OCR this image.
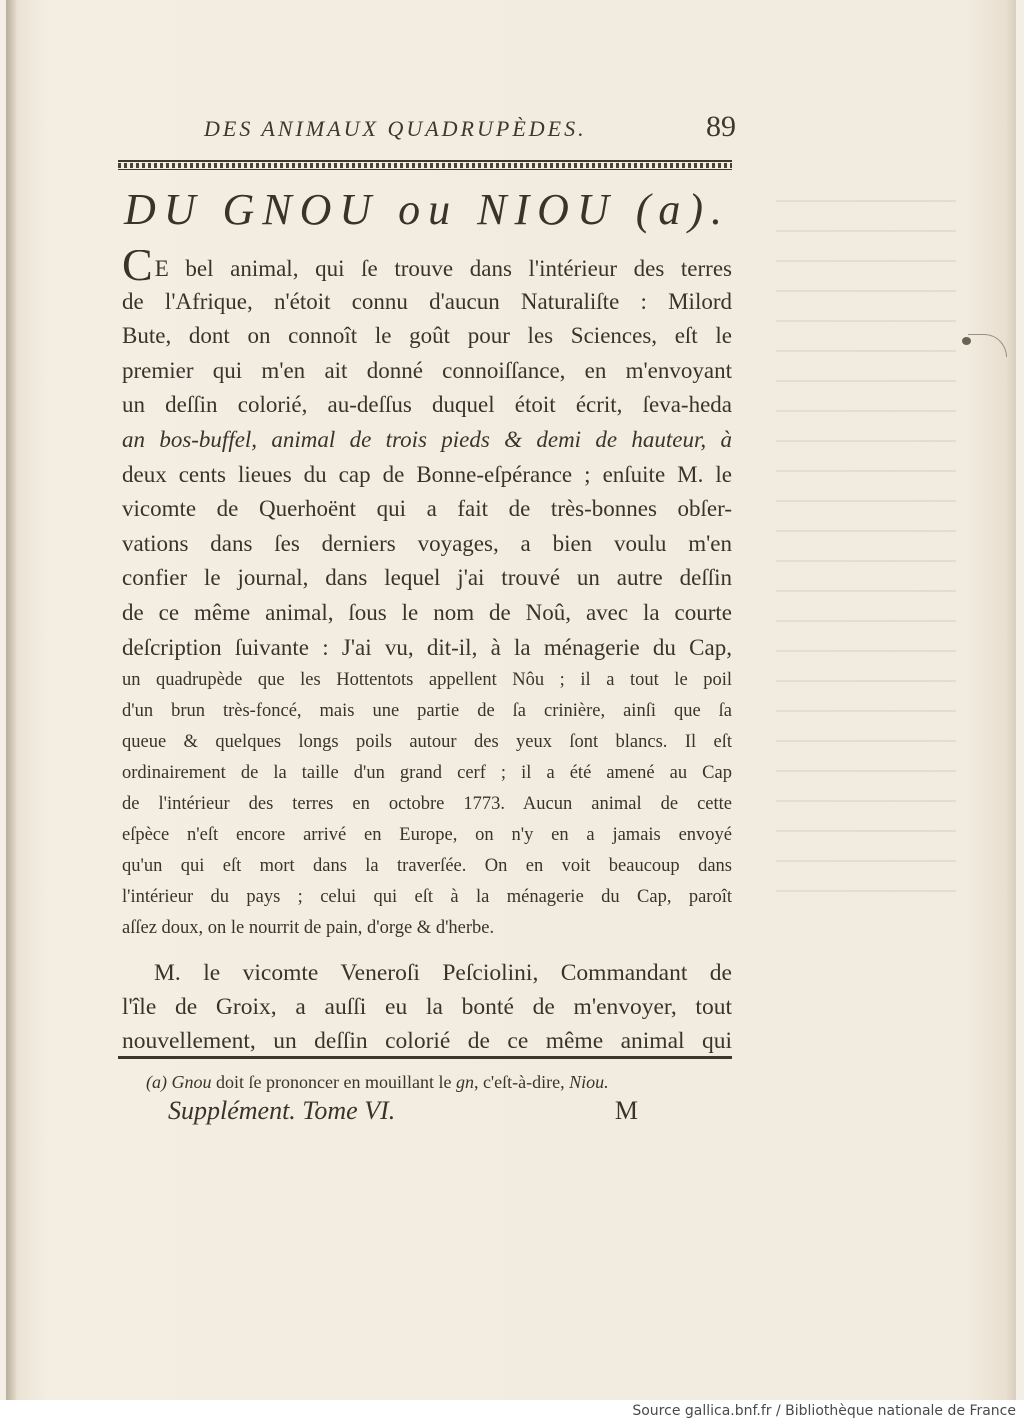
DES ANIMAUX QUADRUPÈDES.	89
DU GNOU ou NIOU (a).
CE bel animal, qui ſe trouve dans l'intérieur des terres
de l'Afrique, n'étoit connu d'aucun Naturaliſte : Milord
Bute, dont on connoît le goût pour les Sciences, eſt le
premier qui m'en ait donné connoiſſance, en m'envoyant
un deſſin colorié, au-deſſus duquel étoit écrit, ſeva-heda
an bos-buffel, animal de trois pieds & demi de hauteur, à
deux cents lieues du cap de Bonne-eſpérance ; enſuite M. le
vicomte de Querhoënt qui a fait de très-bonnes obſer-
vations dans ſes derniers voyages, a bien voulu m'en
confier le journal, dans lequel j'ai trouvé un autre deſſin
de ce même animal, ſous le nom de Noû, avec la courte
deſcription ſuivante : J'ai vu, dit-il, à la ménagerie du Cap,
un quadrupède que les Hottentots appellent Nôu ; il a tout le poil
d'un brun très-foncé, mais une partie de ſa crinière, ainſi que ſa
queue & quelques longs poils autour des yeux ſont blancs. Il eſt
ordinairement de la taille d'un grand cerf ; il a été amené au Cap
de l'intérieur des terres en octobre 1773. Aucun animal de cette
eſpèce n'eſt encore arrivé en Europe, on n'y en a jamais envoyé
qu'un qui eſt mort dans la traverſée. On en voit beaucoup dans
l'intérieur du pays ; celui qui eſt à la ménagerie du Cap, paroît
aſſez doux, on le nourrit de pain, d'orge & d'herbe.
M. le vicomte Veneroſi Peſciolini, Commandant de
l'île de Groix, a auſſi eu la bonté de m'envoyer, tout
nouvellement, un deſſin colorié de ce même animal qui
(a) Gnou doit ſe prononcer en mouillant le gn, c'eſt-à-dire, Niou.
Supplément. Tome VI.	M
Source gallica.bnf.fr / Bibliothèque nationale de France
